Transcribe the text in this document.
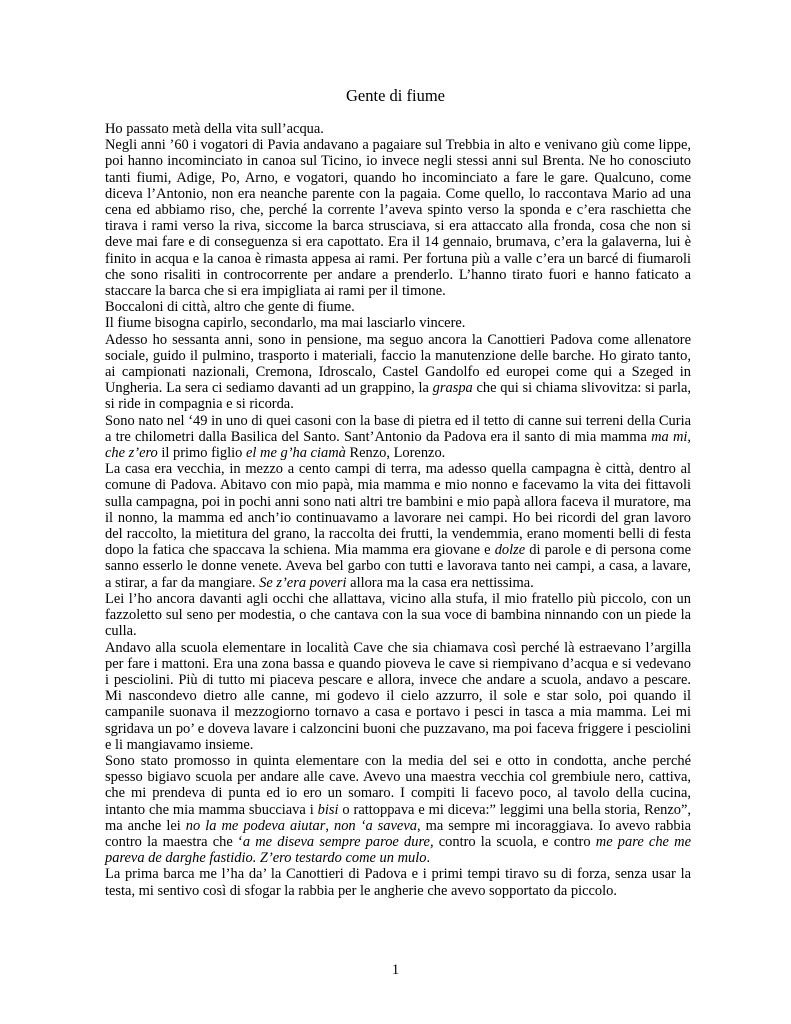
Gente di fiume

Ho passato metà della vita sull’acqua.

Negli anni ’60 i vogatori di Pavia andavano a pagaiare sul Trebbia in alto e venivano giù come lippe, poi hanno incominciato in canoa sul Ticino, io invece negli stessi anni sul Brenta. Ne ho conosciuto tanti fiumi, Adige, Po, Arno, e vogatori, quando ho incominciato a fare le gare. Qualcuno, come diceva l’Antonio, non era neanche parente con la pagaia. Come quello, lo raccontava Mario ad una cena ed abbiamo riso, che, perché la corrente l’aveva spinto verso la sponda e c’era raschietta che tirava i rami verso la riva, siccome la barca strusciava, si era attaccato alla fronda, cosa che non si deve mai fare e di conseguenza si era capottato. Era il 14 gennaio, brumava, c’era la galaverna, lui è finito in acqua e la canoa è rimasta appesa ai rami. Per fortuna più a valle c’era un barcé di fiumaroli che sono risaliti in controcorrente per andare a prenderlo. L’hanno tirato fuori e hanno faticato a staccare la barca che si era impigliata ai rami per il timone.

Boccaloni di città, altro che gente di fiume.

Il fiume bisogna capirlo, secondarlo, ma mai lasciarlo vincere.

Adesso ho sessanta anni, sono in pensione, ma seguo ancora la Canottieri Padova come allenatore sociale, guido il pulmino, trasporto i materiali, faccio la manutenzione delle barche. Ho girato tanto, ai campionati nazionali, Cremona, Idroscalo, Castel Gandolfo ed europei come qui a Szeged in Ungheria. La sera ci sediamo davanti ad un grappino, la graspa che qui si chiama slivovitza: si parla, si ride in compagnia e si ricorda.

Sono nato nel ‘49 in uno di quei casoni con la base di pietra ed il tetto di canne sui terreni della Curia a tre chilometri dalla Basilica del Santo. Sant’Antonio da Padova era il santo di mia mamma ma mi, che z’ero il primo figlio el me g’ha ciamà Renzo, Lorenzo.

La casa era vecchia, in mezzo a cento campi di terra, ma adesso quella campagna è città, dentro al comune di Padova. Abitavo con mio papà, mia mamma e mio nonno e facevamo la vita dei fittavoli sulla campagna, poi in pochi anni sono nati altri tre bambini e mio papà allora faceva il muratore, ma il nonno, la mamma ed anch’io continuavamo a lavorare nei campi. Ho bei ricordi del gran lavoro del raccolto, la mietitura del grano, la raccolta dei frutti, la vendemmia, erano momenti belli di festa dopo la fatica che spaccava la schiena. Mia mamma era giovane e dolze di parole e di persona come sanno esserlo le donne venete. Aveva bel garbo con tutti e lavorava tanto nei campi, a casa, a lavare, a stirar, a far da mangiare. Se z’era poveri allora ma la casa era nettissima.

Lei l’ho ancora davanti agli occhi che allattava, vicino alla stufa, il mio fratello più piccolo, con un fazzoletto sul seno per modestia, o che cantava con la sua voce di bambina ninnando con un piede la culla.

Andavo alla scuola elementare in località Cave che sia chiamava così perché là estraevano l’argilla per fare i mattoni. Era una zona bassa e quando pioveva le cave si riempivano d’acqua e si vedevano i pesciolini. Più di tutto mi piaceva pescare e allora, invece che andare a scuola, andavo a pescare. Mi nascondevo dietro alle canne, mi godevo il cielo azzurro, il sole e star solo, poi quando il campanile suonava il mezzogiorno tornavo a casa e portavo i pesci in tasca a mia mamma. Lei mi sgridava un po’ e doveva lavare i calzoncini buoni che puzzavano, ma poi faceva friggere i pesciolini e li mangiavamo insieme.

Sono stato promosso in quinta elementare con la media del sei e otto in condotta, anche perché spesso bigiavo scuola per andare alle cave. Avevo una maestra vecchia col grembiule nero, cattiva, che mi prendeva di punta ed io ero un somaro. I compiti li facevo poco, al tavolo della cucina, intanto che mia mamma sbucciava i bisi o rattoppava e mi diceva:” leggimi una bella storia, Renzo”, ma anche lei no la me podeva aiutar, non ‘a saveva, ma sempre mi incoraggiava. Io avevo rabbia contro la maestra che ‘a me diseva sempre paroe dure, contro la scuola, e contro me pare che me pareva de darghe fastidio. Z’ero testardo come un mulo.

La prima barca me l’ha da’ la Canottieri di Padova e i primi tempi tiravo su di forza, senza usar la testa, mi sentivo così di sfogar la rabbia per le angherie che avevo sopportato da piccolo.

1
